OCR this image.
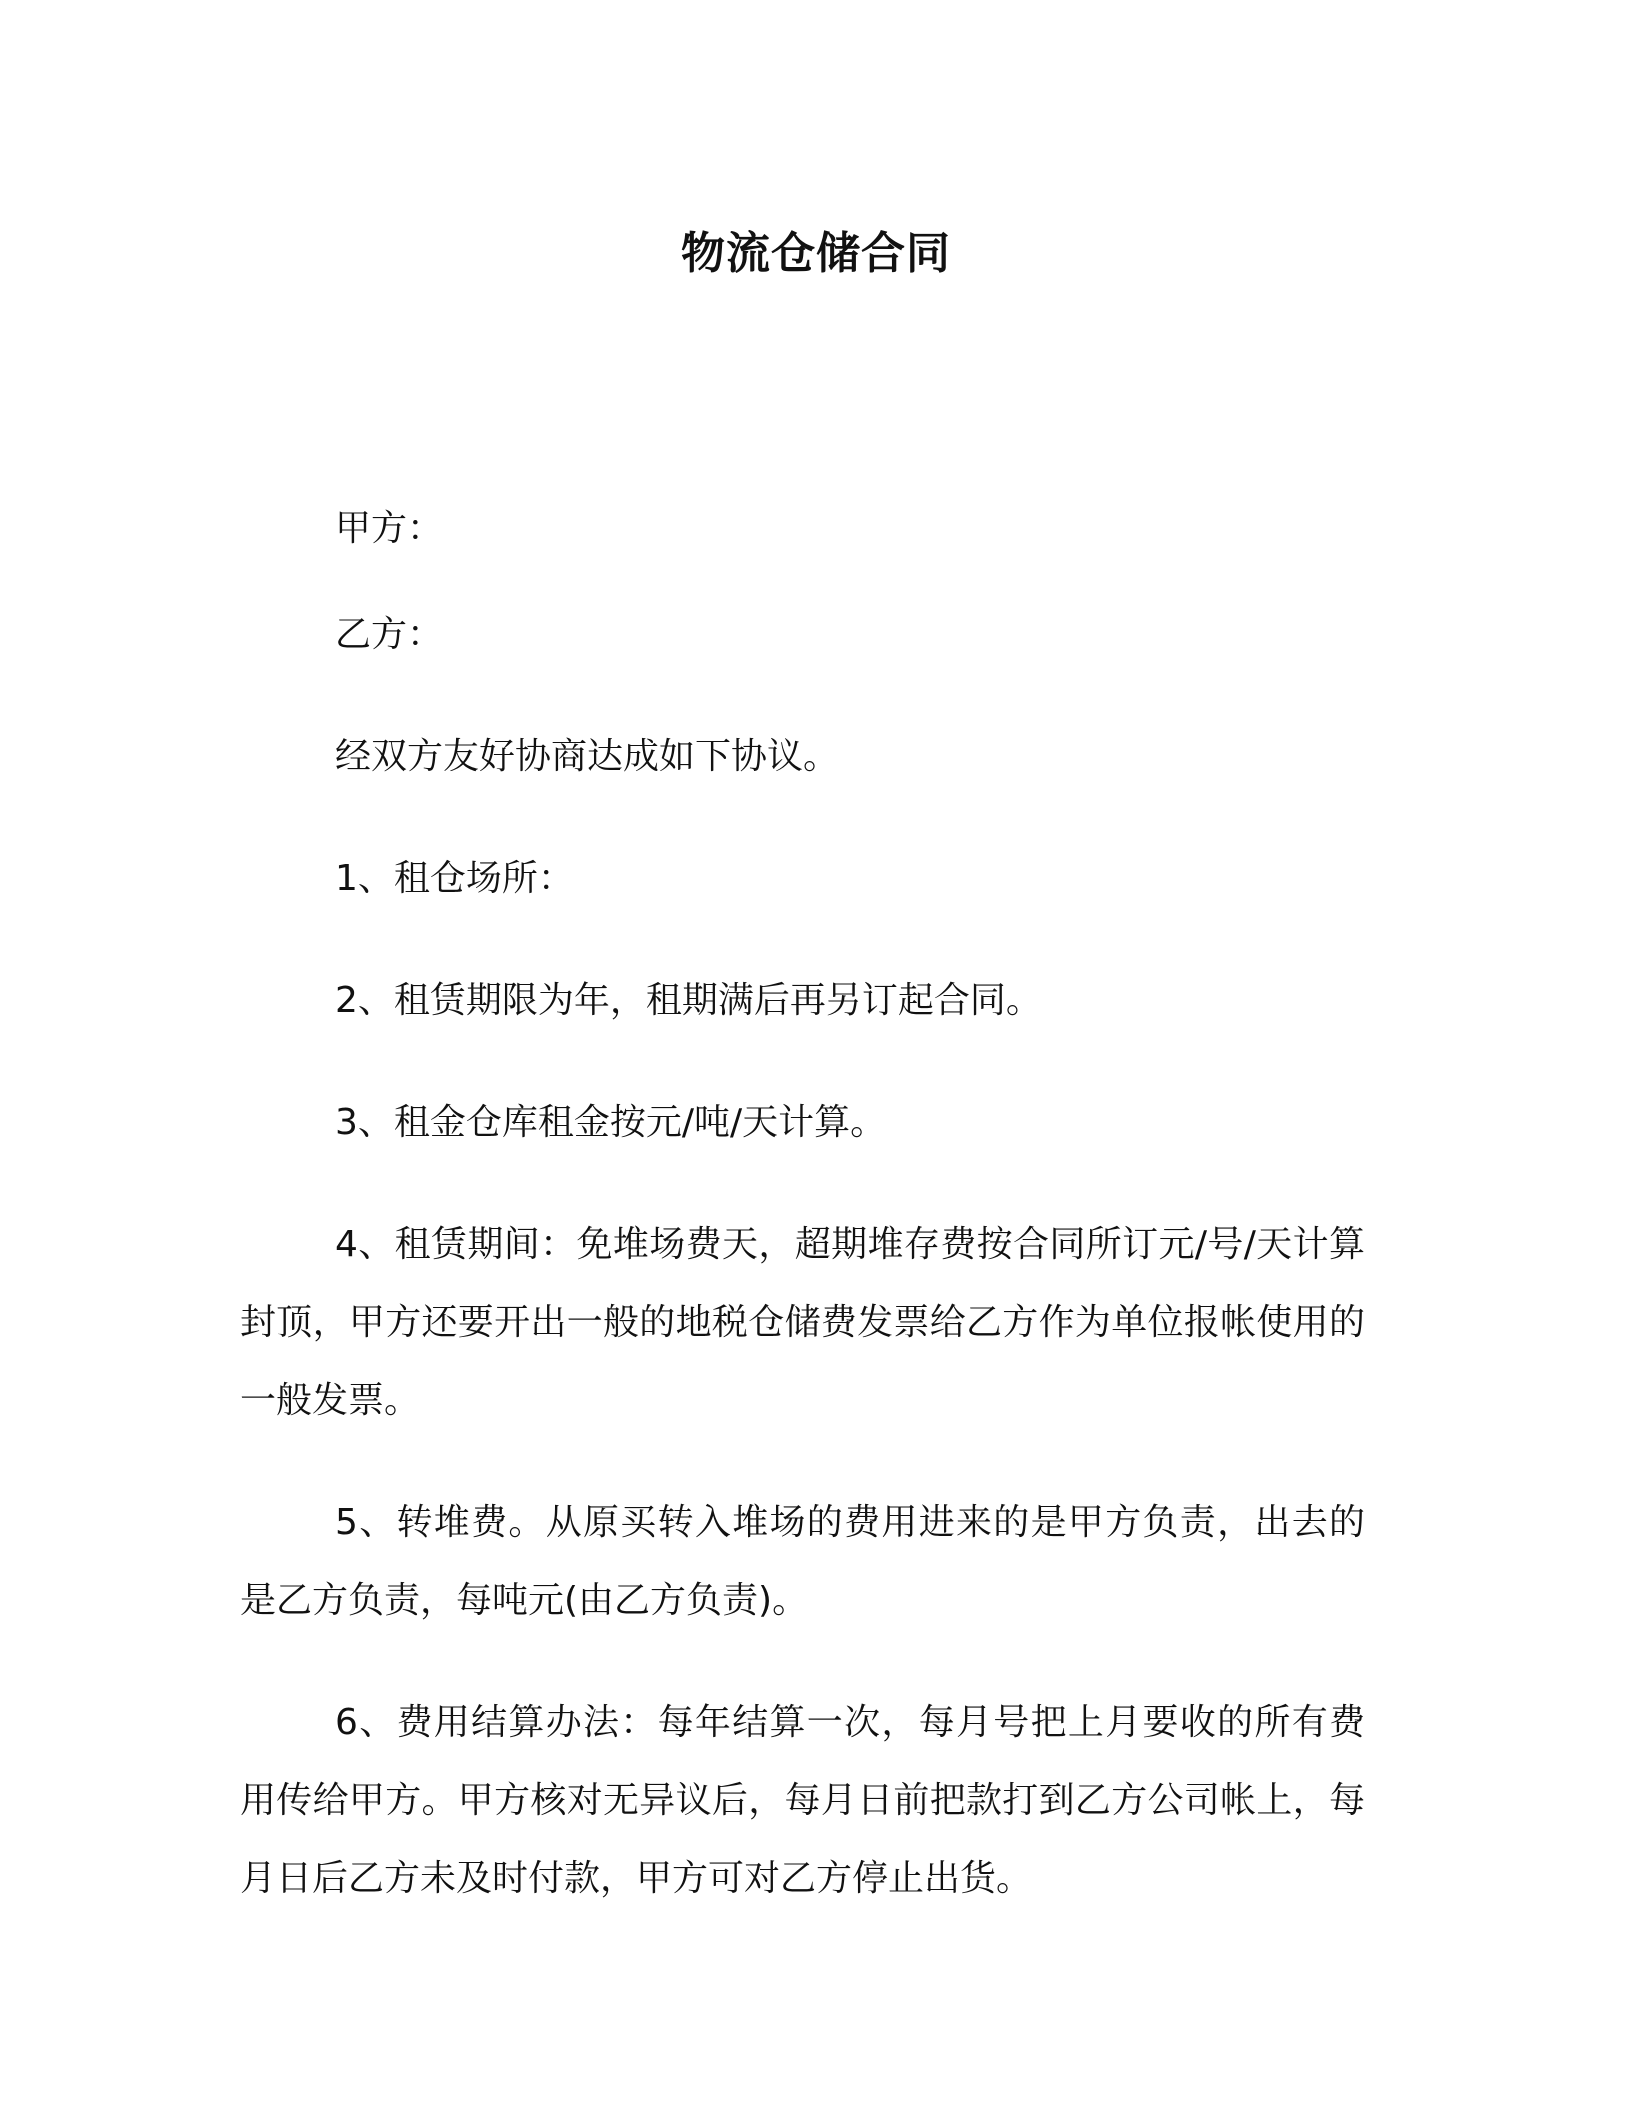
物流仓储合同

甲方：

乙方：

经双方友好协商达成如下协议。

1、租仓场所：

2、租赁期限为年，租期满后再另订起合同。

3、租金仓库租金按元/吨/天计算。

4、租赁期间：免堆场费天，超期堆存费按合同所订元/号/天计算封顶，甲方还要开出一般的地税仓储费发票给乙方作为单位报帐使用的一般发票。

5、转堆费。从原买转入堆场的费用进来的是甲方负责，出去的是乙方负责，每吨元(由乙方负责)。

6、费用结算办法：每年结算一次，每月号把上月要收的所有费用传给甲方。甲方核对无异议后，每月日前把款打到乙方公司帐上，每月日后乙方未及时付款，甲方可对乙方停止出货。
